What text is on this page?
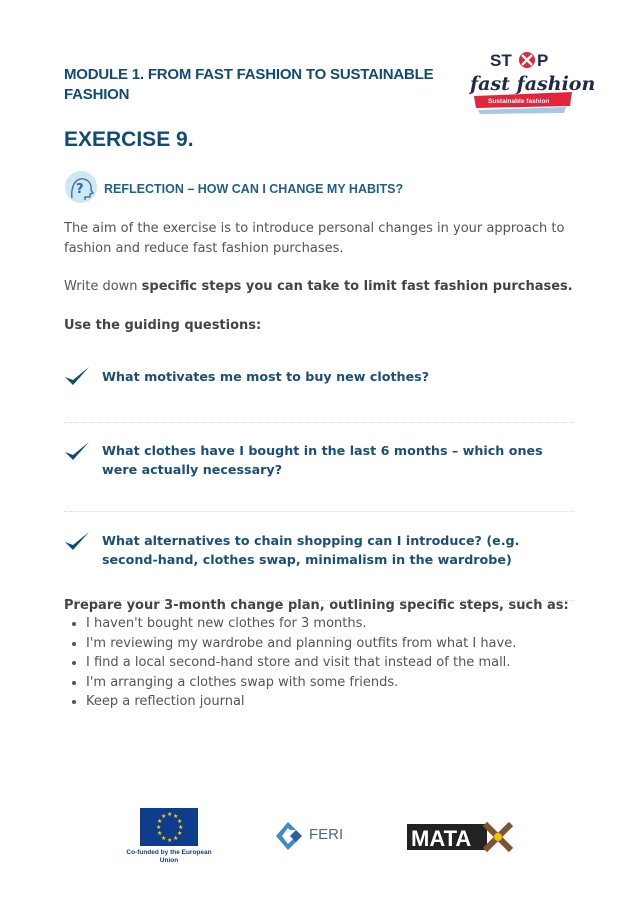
MODULE 1. FROM FAST FASHION TO SUSTAINABLE FASHION
ST P
fast fashion
Sustainable fashion
EXERCISE 9.
? REFLECTION – HOW CAN I CHANGE MY HABITS?
The aim of the exercise is to introduce personal changes in your approach to fashion and reduce fast fashion purchases.
Write down specific steps you can take to limit fast fashion purchases.
Use the guiding questions:
What motivates me most to buy new clothes?
What clothes have I bought in the last 6 months – which ones were actually necessary?
What alternatives to chain shopping can I introduce? (e.g. second-hand, clothes swap, minimalism in the wardrobe)
Prepare your 3-month change plan, outlining specific steps, such as:
• I haven't bought new clothes for 3 months.
• I'm reviewing my wardrobe and planning outfits from what I have.
• I find a local second-hand store and visit that instead of the mall.
• I'm arranging a clothes swap with some friends.
• Keep a reflection journal
★ ★
★
★
★
★
★
★
★
★
★
★
Co-funded by the European Union
FERI	MATA
